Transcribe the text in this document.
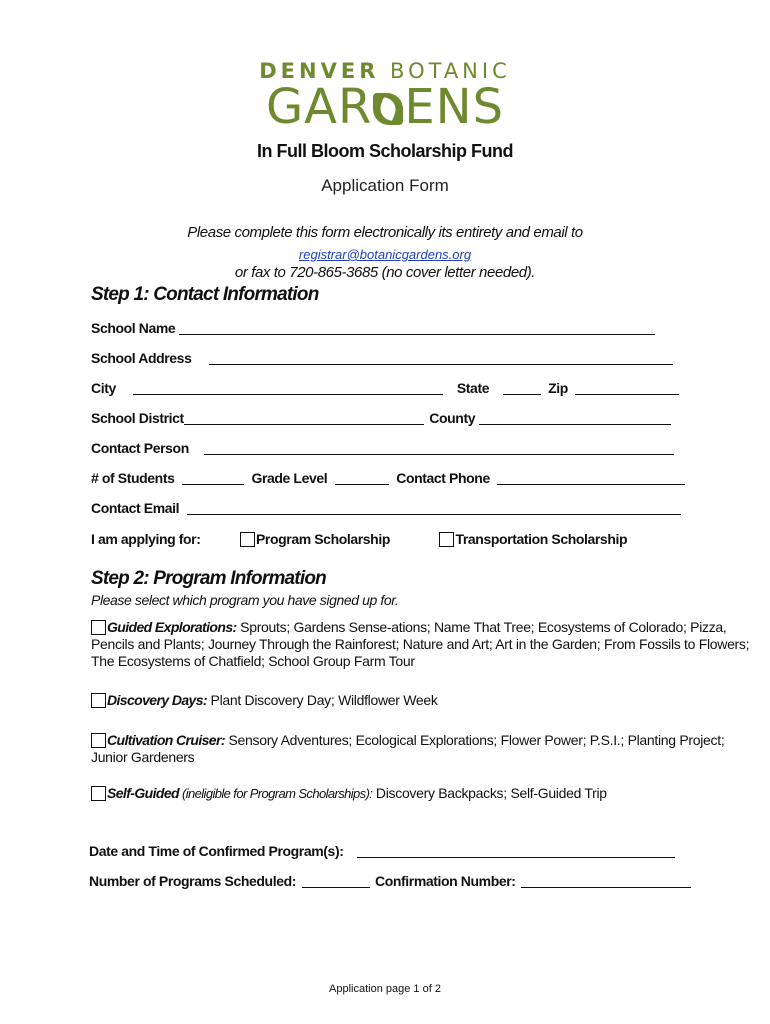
DENVER BOTANIC
GAR ENS
In Full Bloom Scholarship Fund
Application Form
Please complete this form electronically its entirety and email to
registrar@botanicgardens.org
or fax to 720-865-3685 (no cover letter needed).
Step 1: Contact Information
School Name
School Address
City	State	Zip
School District	County
Contact Person
# of Students	Grade Level	Contact Phone
Contact Email
I am applying for:	Program Scholarship	Transportation Scholarship
Step 2: Program Information
Please select which program you have signed up for.
Guided Explorations: Sprouts; Gardens Sense-ations; Name That Tree; Ecosystems of Colorado; Pizza, Pencils and Plants; Journey Through the Rainforest; Nature and Art; Art in the Garden; From Fossils to Flowers; The Ecosystems of Chatfield; School Group Farm Tour
Discovery Days: Plant Discovery Day; Wildflower Week
Cultivation Cruiser: Sensory Adventures; Ecological Explorations; Flower Power; P.S.I.; Planting Project; Junior Gardeners
Self-Guided (ineligible for Program Scholarships): Discovery Backpacks; Self-Guided Trip
Date and Time of Confirmed Program(s):
Number of Programs Scheduled:	Confirmation Number:
Application page 1 of 2
